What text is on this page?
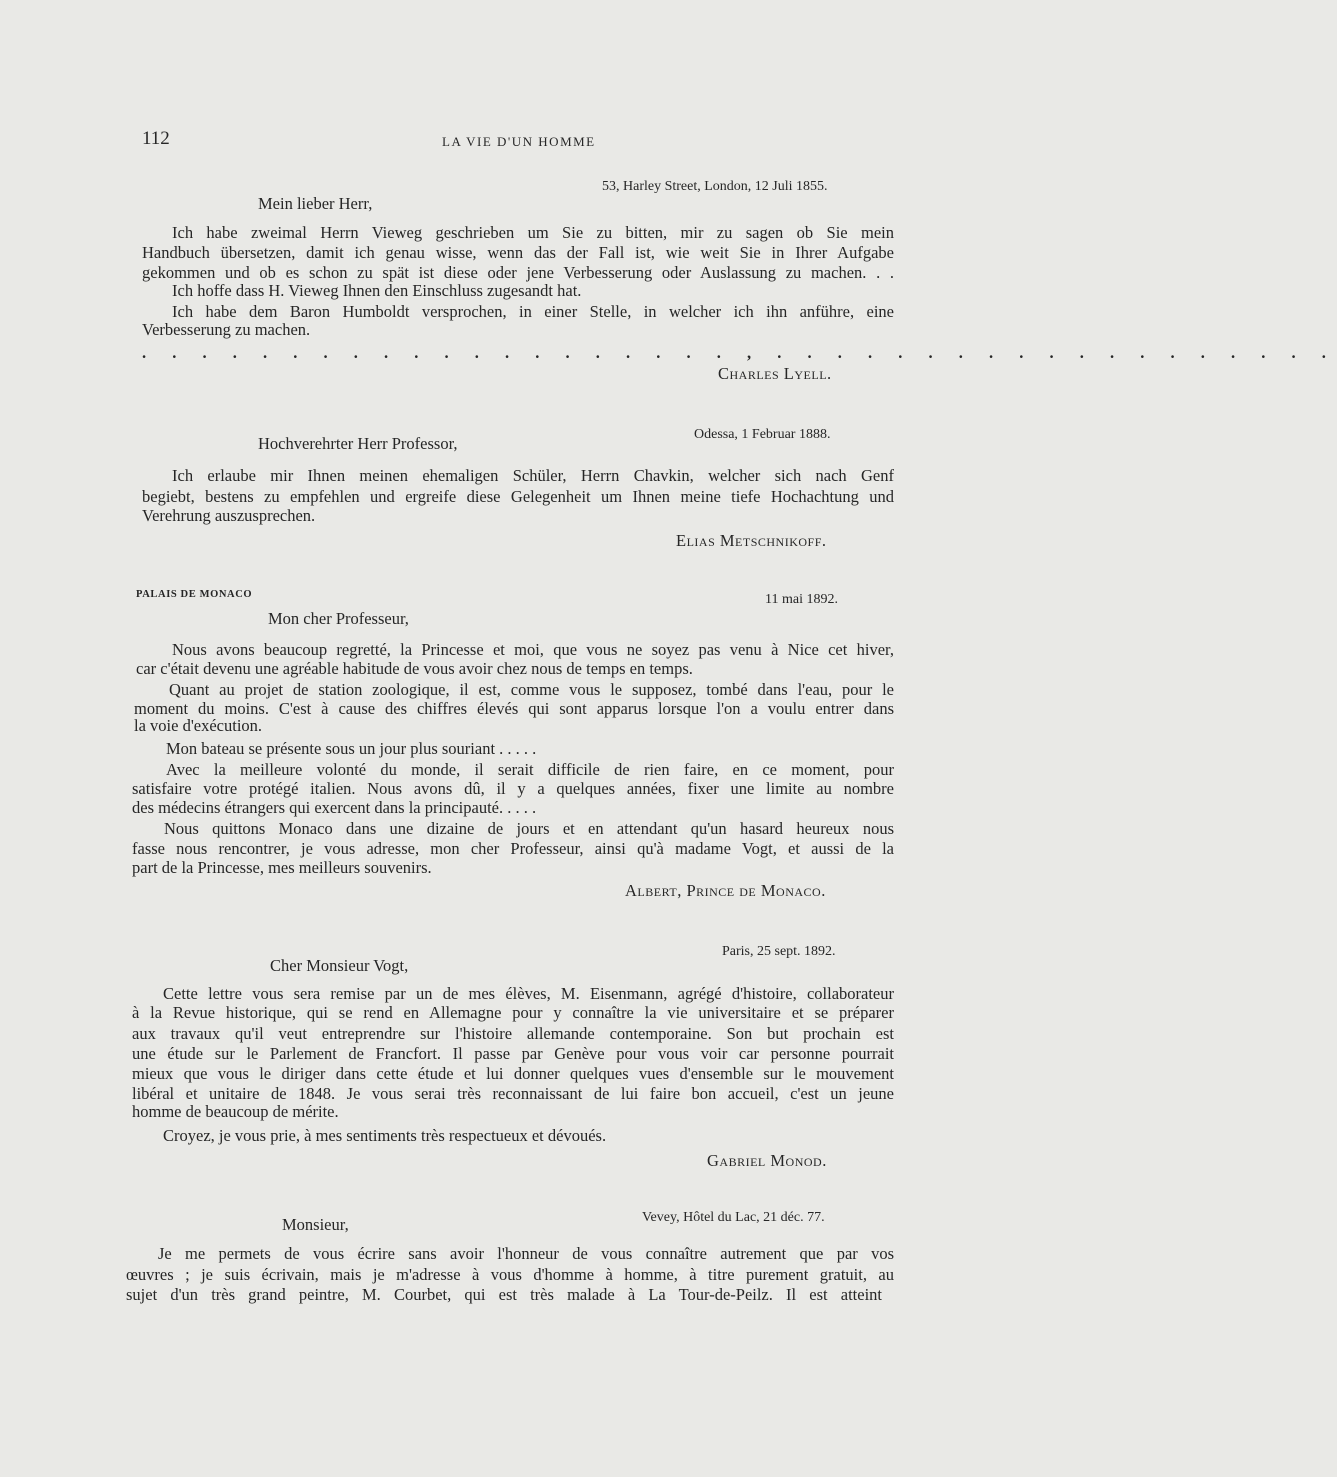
112	LA VIE D'UN HOMME
53, Harley Street, London, 12 Juli 1855.
Mein lieber Herr,
Ich habe zweimal Herrn Vieweg geschrieben um Sie zu bitten, mir zu sagen ob Sie mein
Handbuch übersetzen, damit ich genau wisse, wenn das der Fall ist, wie weit Sie in Ihrer Aufgabe
gekommen und ob es schon zu spät ist diese oder jene Verbesserung oder Auslassung zu machen. . .
Ich hoffe dass H. Vieweg Ihnen den Einschluss zugesandt hat.
Ich habe dem Baron Humboldt versprochen, in einer Stelle, in welcher ich ihn anführe, eine
Verbesserung zu machen.
. . . . . . . . . . . . . . . . . . . . , . . . . . . . . . . . . . . . . . . .
Charles Lyell.
Odessa, 1 Februar 1888.
Hochverehrter Herr Professor,
Ich erlaube mir Ihnen meinen ehemaligen Schüler, Herrn Chavkin, welcher sich nach Genf
begiebt, bestens zu empfehlen und ergreife diese Gelegenheit um Ihnen meine tiefe Hochachtung und
Verehrung auszusprechen.
Elias Metschnikoff.
PALAIS DE MONACO	11 mai 1892.
Mon cher Professeur,
Nous avons beaucoup regretté, la Princesse et moi, que vous ne soyez pas venu à Nice cet hiver,
car c'était devenu une agréable habitude de vous avoir chez nous de temps en temps.
Quant au projet de station zoologique, il est, comme vous le supposez, tombé dans l'eau, pour le
moment du moins. C'est à cause des chiffres élevés qui sont apparus lorsque l'on a voulu entrer dans
la voie d'exécution.
Mon bateau se présente sous un jour plus souriant . . . . .
Avec la meilleure volonté du monde, il serait difficile de rien faire, en ce moment, pour
satisfaire votre protégé italien. Nous avons dû, il y a quelques années, fixer une limite au nombre
des médecins étrangers qui exercent dans la principauté. . . . .
Nous quittons Monaco dans une dizaine de jours et en attendant qu'un hasard heureux nous
fasse nous rencontrer, je vous adresse, mon cher Professeur, ainsi qu'à madame Vogt, et aussi de la
part de la Princesse, mes meilleurs souvenirs.
Albert, Prince de Monaco.
Paris, 25 sept. 1892.
Cher Monsieur Vogt,
Cette lettre vous sera remise par un de mes élèves, M. Eisenmann, agrégé d'histoire, collaborateur
à la Revue historique, qui se rend en Allemagne pour y connaître la vie universitaire et se préparer
aux travaux qu'il veut entreprendre sur l'histoire allemande contemporaine. Son but prochain est
une étude sur le Parlement de Francfort. Il passe par Genève pour vous voir car personne pourrait
mieux que vous le diriger dans cette étude et lui donner quelques vues d'ensemble sur le mouvement
libéral et unitaire de 1848. Je vous serai très reconnaissant de lui faire bon accueil, c'est un jeune
homme de beaucoup de mérite.
Croyez, je vous prie, à mes sentiments très respectueux et dévoués.
Gabriel Monod.
Vevey, Hôtel du Lac, 21 déc. 77.
Monsieur,
Je me permets de vous écrire sans avoir l'honneur de vous connaître autrement que par vos
œuvres ; je suis écrivain, mais je m'adresse à vous d'homme à homme, à titre purement gratuit, au
sujet d'un très grand peintre, M. Courbet, qui est très malade à La Tour-de-Peilz. Il est atteint
